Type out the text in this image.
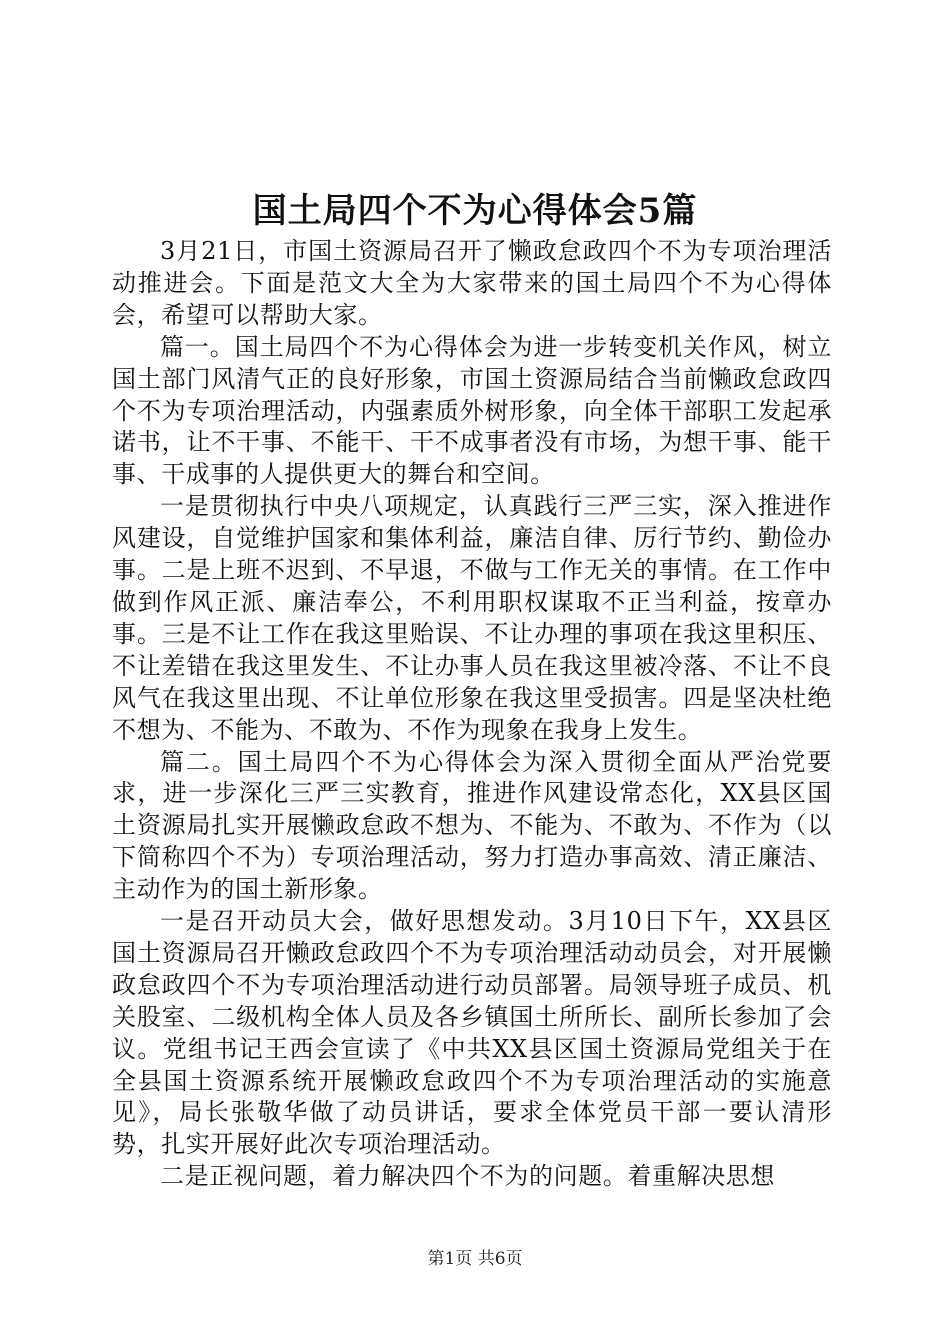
国土局四个不为心得体会5篇

3月21日，市国土资源局召开了懒政怠政四个不为专项治理活动推进会。下面是范文大全为大家带来的国土局四个不为心得体会，希望可以帮助大家。

篇一。国土局四个不为心得体会为进一步转变机关作风，树立国土部门风清气正的良好形象，市国土资源局结合当前懒政怠政四个不为专项治理活动，内强素质外树形象，向全体干部职工发起承诺书，让不干事、不能干、干不成事者没有市场，为想干事、能干事、干成事的人提供更大的舞台和空间。

一是贯彻执行中央八项规定，认真践行三严三实，深入推进作风建设，自觉维护国家和集体利益，廉洁自律、厉行节约、勤俭办事。二是上班不迟到、不早退，不做与工作无关的事情。在工作中做到作风正派、廉洁奉公，不利用职权谋取不正当利益，按章办事。三是不让工作在我这里贻误、不让办理的事项在我这里积压、不让差错在我这里发生、不让办事人员在我这里被冷落、不让不良风气在我这里出现、不让单位形象在我这里受损害。四是坚决杜绝不想为、不能为、不敢为、不作为现象在我身上发生。

篇二。国土局四个不为心得体会为深入贯彻全面从严治党要求，进一步深化三严三实教育，推进作风建设常态化，XX县区国土资源局扎实开展懒政怠政不想为、不能为、不敢为、不作为（以下简称四个不为）专项治理活动，努力打造办事高效、清正廉洁、主动作为的国土新形象。

一是召开动员大会，做好思想发动。3月10日下午，XX县区国土资源局召开懒政怠政四个不为专项治理活动动员会，对开展懒政怠政四个不为专项治理活动进行动员部署。局领导班子成员、机关股室、二级机构全体人员及各乡镇国土所所长、副所长参加了会议。党组书记王西会宣读了《中共XX县区国土资源局党组关于在全县国土资源系统开展懒政怠政四个不为专项治理活动的实施意见》，局长张敬华做了动员讲话，要求全体党员干部一要认清形势，扎实开展好此次专项治理活动。

二是正视问题，着力解决四个不为的问题。着重解决思想

第1页 共6页
